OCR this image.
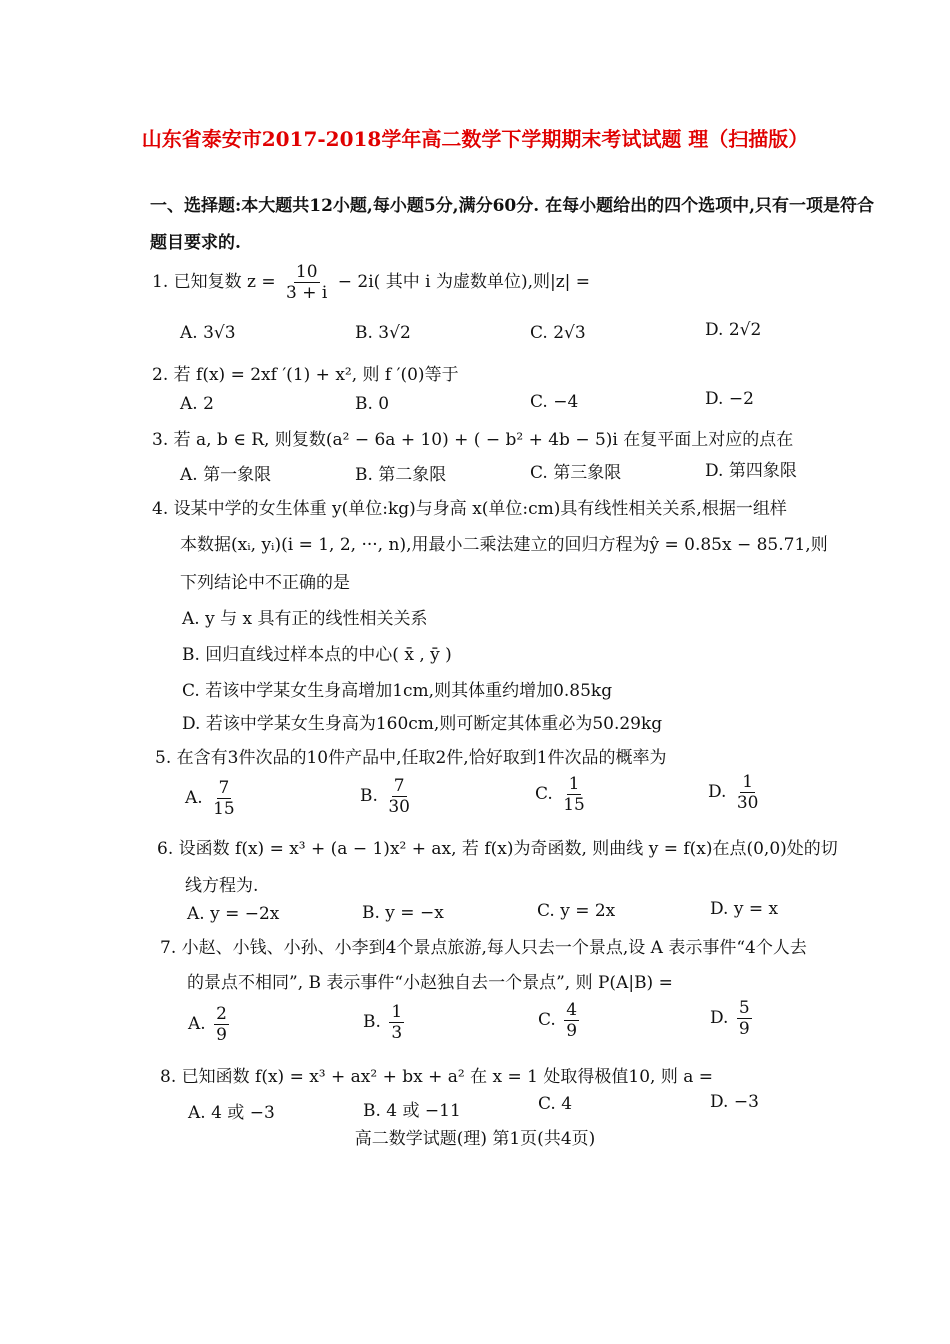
山东省泰安市2017-2018学年高二数学下学期期末考试试题 理（扫描版）
一、选择题:本大题共12小题,每小题5分,满分60分. 在每小题给出的四个选项中,只有一项是符合题目要求的.
1. 已知复数 $z = \frac{10}{3 + i} - 2i$( 其中 i 为虚数单位),则|z| =
A. 3√3	B. 3√2	C. 2√3	D. 2√2
2. 若 f(x) = 2xf ′(1) + x², 则 f ′(0)等于
A. 2	B. 0	C. −4	D. −2
3. 若 a, b ∈ R, 则复数(a² − 6a + 10) + ( − b² + 4b − 5)i 在复平面上对应的点在
A. 第一象限	B. 第二象限	C. 第三象限	D. 第四象限
4. 设某中学的女生体重 y(单位:kg)与身高 x(单位:cm)具有线性相关关系,根据一组样
本数据(xᵢ, yᵢ)(i = 1, 2, ···, n),用最小二乘法建立的回归方程为ŷ = 0.85x − 85.71,则
下列结论中不正确的是
A. y 与 x 具有正的线性相关关系
B. 回归直线过样本点的中心( x̄ , ȳ )
C. 若该中学某女生身高增加1cm,则其体重约增加0.85kg
D. 若该中学某女生身高为160cm,则可断定其体重必为50.29kg
5. 在含有3件次品的10件产品中,任取2件,恰好取到1件次品的概率为
A. $\frac{7}{15}$	B. $\frac{7}{30}$	C. $\frac{1}{15}$	D. $\frac{1}{30}$
6. 设函数 f(x) = x³ + (a − 1)x² + ax, 若 f(x)为奇函数, 则曲线 y = f(x)在点(0,0)处的切
线方程为.
A. y = −2x	B. y = −x	C. y = 2x	D. y = x
7. 小赵、小钱、小孙、小李到4个景点旅游,每人只去一个景点,设 A 表示事件“4个人去
的景点不相同”, B 表示事件“小赵独自去一个景点”, 则 P(A|B) =
A. $\frac{2}{9}$	B. $\frac{1}{3}$	C. $\frac{4}{9}$	D. $\frac{5}{9}$
8. 已知函数 f(x) = x³ + ax² + bx + a² 在 x = 1 处取得极值10, 则 a =
A. 4 或 −3	B. 4 或 −11	C. 4	D. −3
高二数学试题(理) 第1页(共4页)
